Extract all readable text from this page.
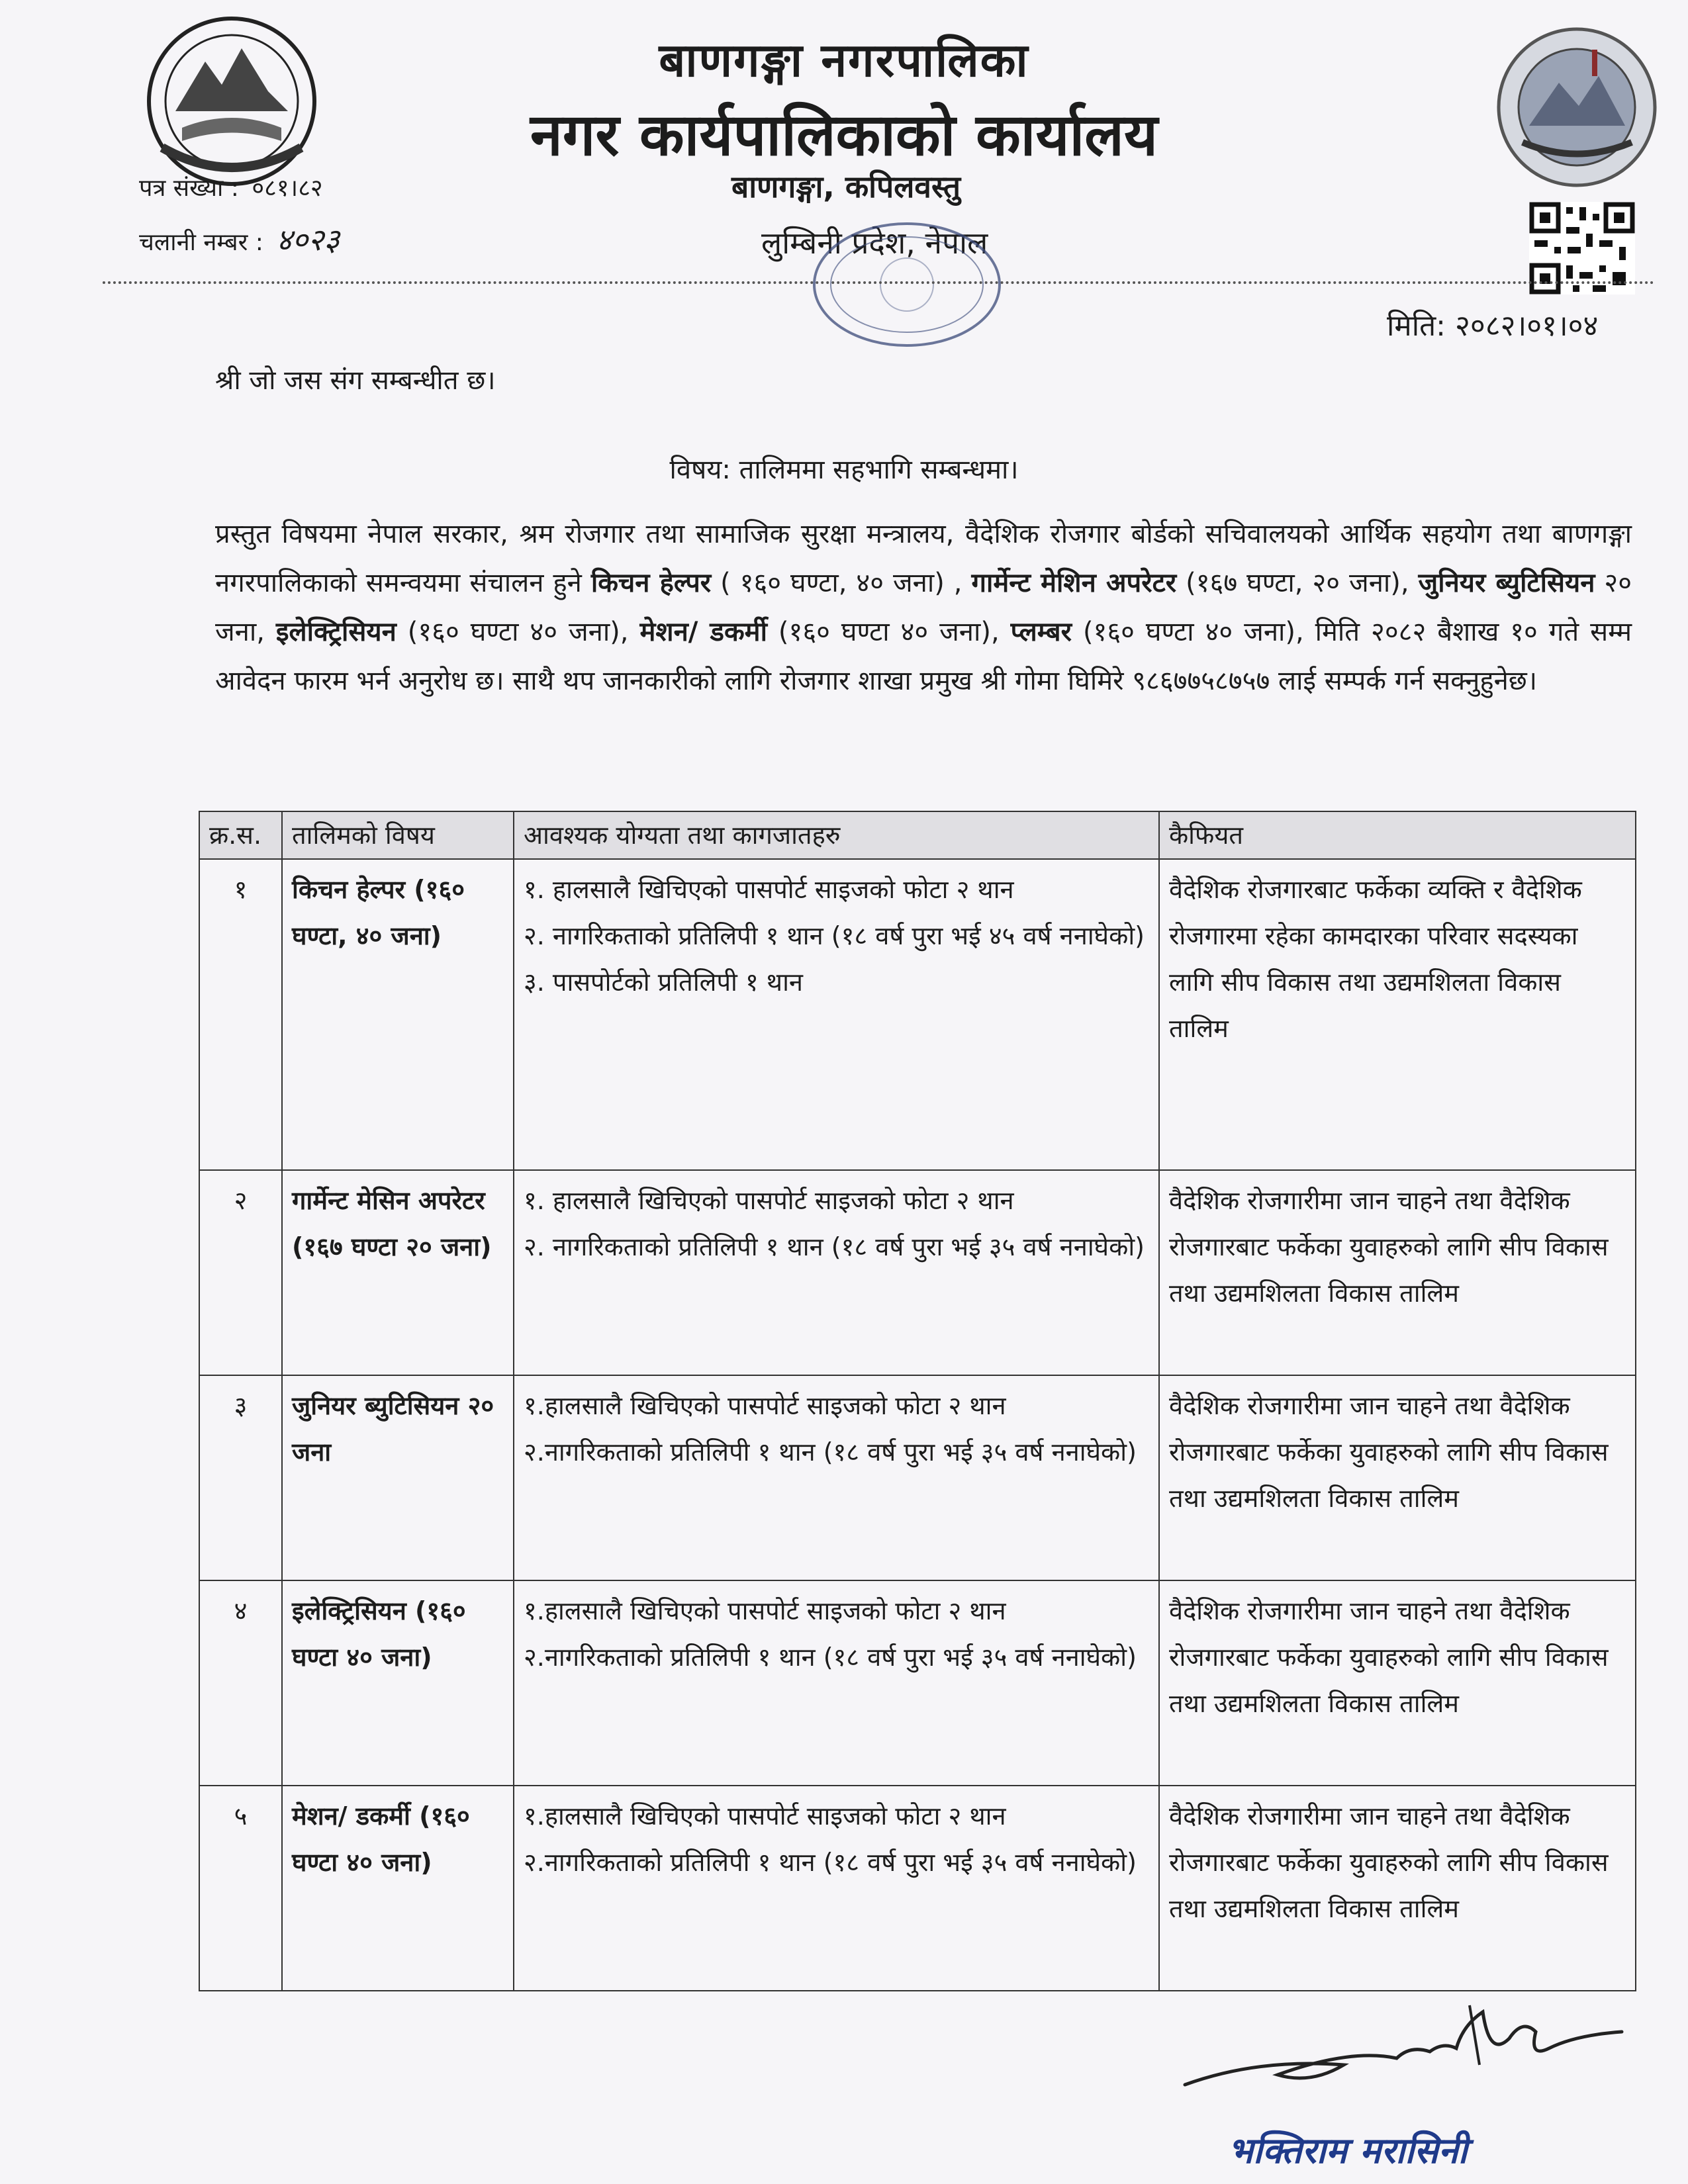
बाणगङ्गा नगरपालिका
नगर कार्यपालिकाको कार्यालय
बाणगङ्गा, कपिलवस्तु
लुम्बिनी प्रदेश, नेपाल
पत्र संख्या : ०८१।८२
चलानी नम्बर : ४०२३
मिति: २०८२।०१।०४
श्री जो जस संग सम्बन्धीत छ।
विषय: तालिममा सहभागि सम्बन्धमा।
प्रस्तुत विषयमा नेपाल सरकार, श्रम रोजगार तथा सामाजिक सुरक्षा मन्त्रालय, वैदेशिक रोजगार बोर्डको सचिवालयको आर्थिक सहयोग तथा बाणगङ्गा नगरपालिकाको समन्वयमा संचालन हुने किचन हेल्पर ( १६० घण्टा, ४० जना) , गार्मेन्ट मेशिन अपरेटर (१६७ घण्टा, २० जना), जुनियर ब्युटिसियन २० जना, इलेक्ट्रिसियन (१६० घण्टा ४० जना), मेशन/ डकर्मी (१६० घण्टा ४० जना), प्लम्बर (१६० घण्टा ४० जना), मिति २०८२ बैशाख १० गते सम्म आवेदन फारम भर्न अनुरोध छ। साथै थप जानकारीको लागि रोजगार शाखा प्रमुख श्री गोमा घिमिरे ९८६७७५८७५७ लाई सम्पर्क गर्न सक्नुहुनेछ।
क्र.स.	तालिमको विषय	आवश्यक योग्यता तथा कागजातहरु	कैफियत
१	किचन हेल्पर (१६० घण्टा, ४० जना)	१. हालसालै खिचिएको पासपोर्ट साइजको फोटा २ थान
२. नागरिकताको प्रतिलिपी १ थान (१८ वर्ष पुरा भई ४५ वर्ष ननाघेको)
३. पासपोर्टको प्रतिलिपी १ थान	वैदेशिक रोजगारबाट फर्केका व्यक्ति र वैदेशिक रोजगारमा रहेका कामदारका परिवार सदस्यका लागि सीप विकास तथा उद्यमशिलता विकास तालिम
२	गार्मेन्ट मेसिन अपरेटर (१६७ घण्टा २० जना)	१. हालसालै खिचिएको पासपोर्ट साइजको फोटा २ थान
२. नागरिकताको प्रतिलिपी १ थान (१८ वर्ष पुरा भई ३५ वर्ष ननाघेको)	वैदेशिक रोजगारीमा जान चाहने तथा वैदेशिक रोजगारबाट फर्केका युवाहरुको लागि सीप विकास तथा उद्यमशिलता विकास तालिम
३	जुनियर ब्युटिसियन २० जना	१.हालसालै खिचिएको पासपोर्ट साइजको फोटा २ थान
२.नागरिकताको प्रतिलिपी १ थान (१८ वर्ष पुरा भई ३५ वर्ष ननाघेको)	वैदेशिक रोजगारीमा जान चाहने तथा वैदेशिक रोजगारबाट फर्केका युवाहरुको लागि सीप विकास तथा उद्यमशिलता विकास तालिम
४	इलेक्ट्रिसियन (१६० घण्टा ४० जना)	१.हालसालै खिचिएको पासपोर्ट साइजको फोटा २ थान
२.नागरिकताको प्रतिलिपी १ थान (१८ वर्ष पुरा भई ३५ वर्ष ननाघेको)	वैदेशिक रोजगारीमा जान चाहने तथा वैदेशिक रोजगारबाट फर्केका युवाहरुको लागि सीप विकास तथा उद्यमशिलता विकास तालिम
५	मेशन/ डकर्मी (१६० घण्टा ४० जना)	१.हालसालै खिचिएको पासपोर्ट साइजको फोटा २ थान
२.नागरिकताको प्रतिलिपी १ थान (१८ वर्ष पुरा भई ३५ वर्ष ननाघेको)	वैदेशिक रोजगारीमा जान चाहने तथा वैदेशिक रोजगारबाट फर्केका युवाहरुको लागि सीप विकास तथा उद्यमशिलता विकास तालिम
भक्तिराम मरासिनी
